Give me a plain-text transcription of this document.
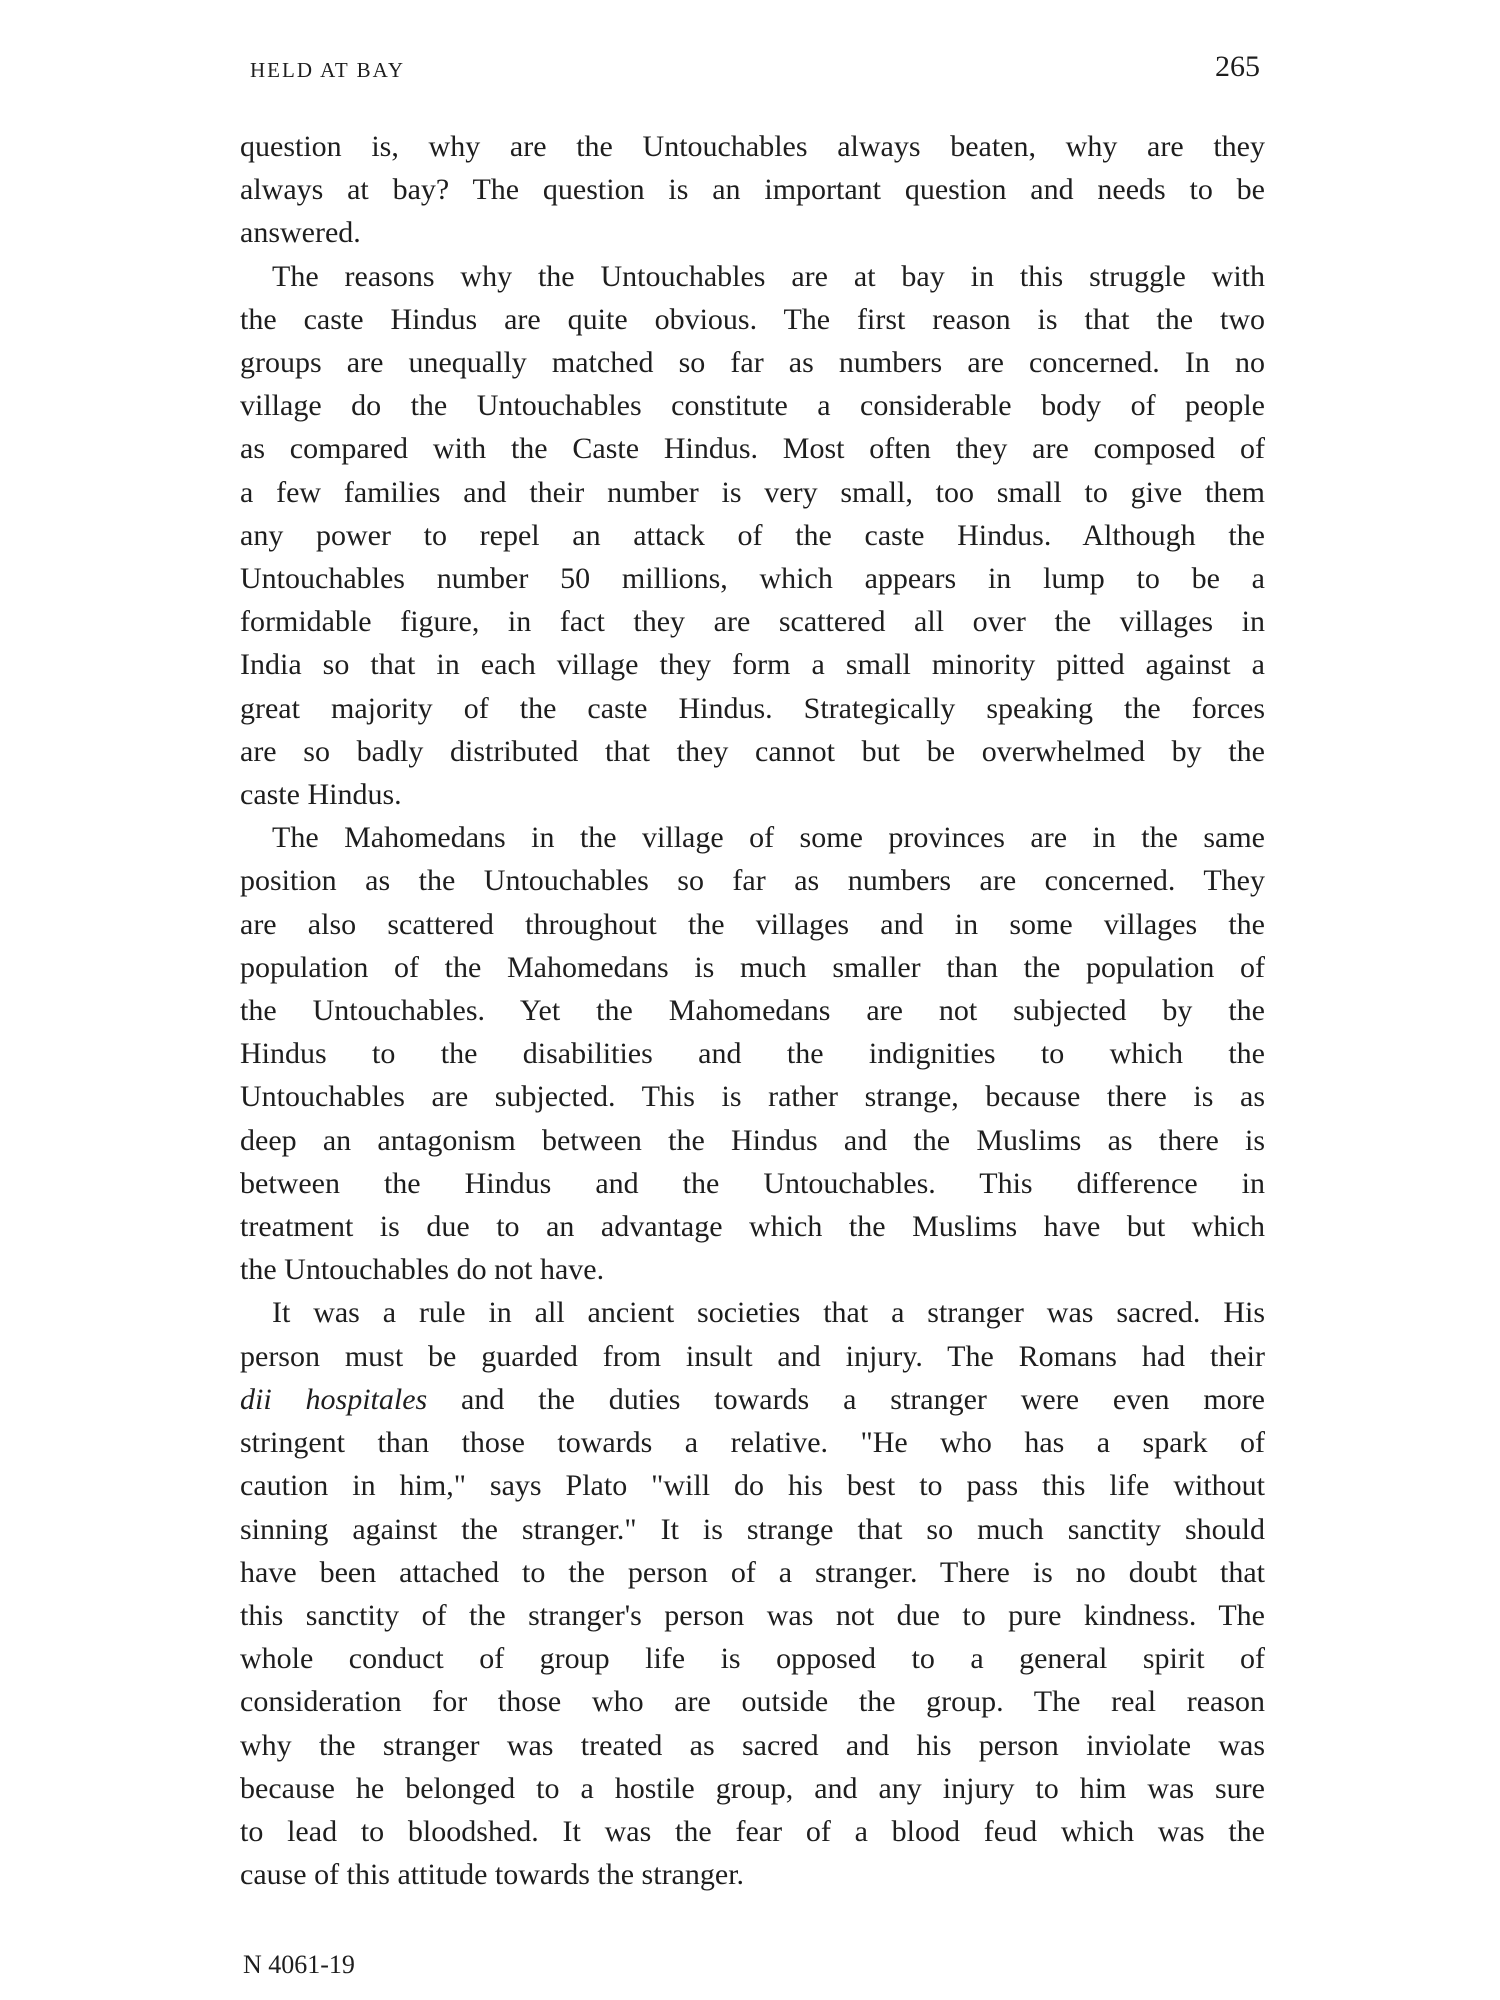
HELD AT BAY	265
question is, why are the Untouchables always beaten, why are they
always at bay? The question is an important question and needs to be
answered.
The reasons why the Untouchables are at bay in this struggle with
the caste Hindus are quite obvious. The first reason is that the two
groups are unequally matched so far as numbers are concerned. In no
village do the Untouchables constitute a considerable body of people
as compared with the Caste Hindus. Most often they are composed of
a few families and their number is very small, too small to give them
any power to repel an attack of the caste Hindus. Although the
Untouchables number 50 millions, which appears in lump to be a
formidable figure, in fact they are scattered all over the villages in
India so that in each village they form a small minority pitted against a
great majority of the caste Hindus. Strategically speaking the forces
are so badly distributed that they cannot but be overwhelmed by the
caste Hindus.
The Mahomedans in the village of some provinces are in the same
position as the Untouchables so far as numbers are concerned. They
are also scattered throughout the villages and in some villages the
population of the Mahomedans is much smaller than the population of
the Untouchables. Yet the Mahomedans are not subjected by the
Hindus to the disabilities and the indignities to which the
Untouchables are subjected. This is rather strange, because there is as
deep an antagonism between the Hindus and the Muslims as there is
between the Hindus and the Untouchables. This difference in
treatment is due to an advantage which the Muslims have but which
the Untouchables do not have.
It was a rule in all ancient societies that a stranger was sacred. His
person must be guarded from insult and injury. The Romans had their
dii hospitales and the duties towards a stranger were even more
stringent than those towards a relative. "He who has a spark of
caution in him," says Plato "will do his best to pass this life without
sinning against the stranger." It is strange that so much sanctity should
have been attached to the person of a stranger. There is no doubt that
this sanctity of the stranger's person was not due to pure kindness. The
whole conduct of group life is opposed to a general spirit of
consideration for those who are outside the group. The real reason
why the stranger was treated as sacred and his person inviolate was
because he belonged to a hostile group, and any injury to him was sure
to lead to bloodshed. It was the fear of a blood feud which was the
cause of this attitude towards the stranger.
N 4061-19
